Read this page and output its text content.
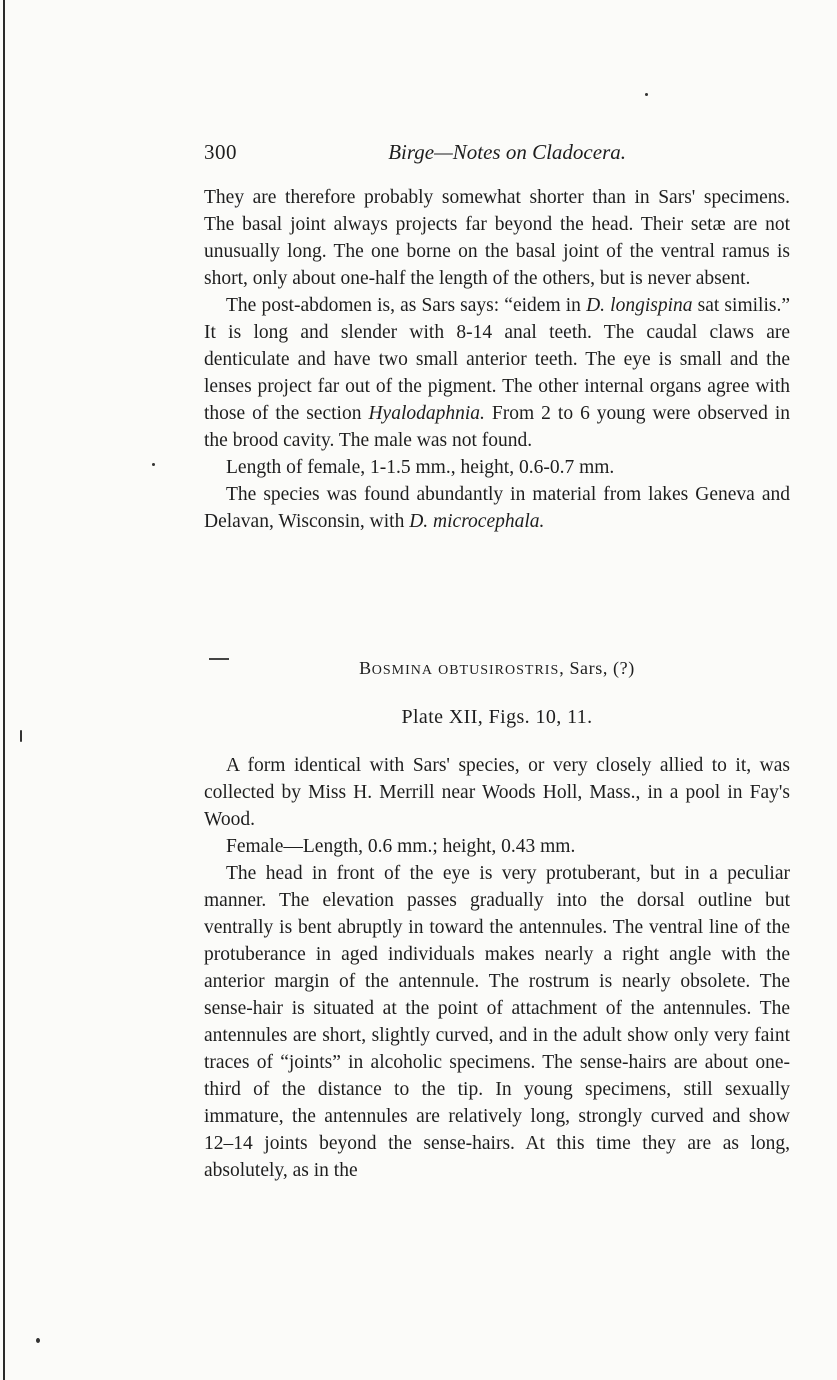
300	Birge—Notes on Cladocera.

They are therefore probably somewhat shorter than in Sars' specimens. The basal joint always projects far beyond the head. Their setæ are not unusually long. The one borne on the basal joint of the ventral ramus is short, only about one-half the length of the others, but is never absent.

The post-abdomen is, as Sars says: “eidem in D. longispina sat similis.” It is long and slender with 8-14 anal teeth. The caudal claws are denticulate and have two small anterior teeth. The eye is small and the lenses project far out of the pigment. The other internal organs agree with those of the section Hyalodaphnia. From 2 to 6 young were observed in the brood cavity. The male was not found.

Length of female, 1-1.5 mm., height, 0.6-0.7 mm.

The species was found abundantly in material from lakes Geneva and Delavan, Wisconsin, with D. microcephala.

BOSMINA OBTUSIROSTRIS, Sars, (?)
Plate XII, Figs. 10, 11.

A form identical with Sars' species, or very closely allied to it, was collected by Miss H. Merrill near Woods Holl, Mass., in a pool in Fay's Wood.

Female—Length, 0.6 mm.; height, 0.43 mm.

The head in front of the eye is very protuberant, but in a peculiar manner. The elevation passes gradually into the dorsal outline but ventrally is bent abruptly in toward the antennules. The ventral line of the protuberance in aged individuals makes nearly a right angle with the anterior margin of the antennule. The rostrum is nearly obsolete. The sense-hair is situated at the point of attachment of the antennules. The antennules are short, slightly curved, and in the adult show only very faint traces of “joints” in alcoholic specimens. The sense-hairs are about one-third of the distance to the tip. In young specimens, still sexually immature, the antennules are relatively long, strongly curved and show 12–14 joints beyond the sense-hairs. At this time they are as long, absolutely, as in the
